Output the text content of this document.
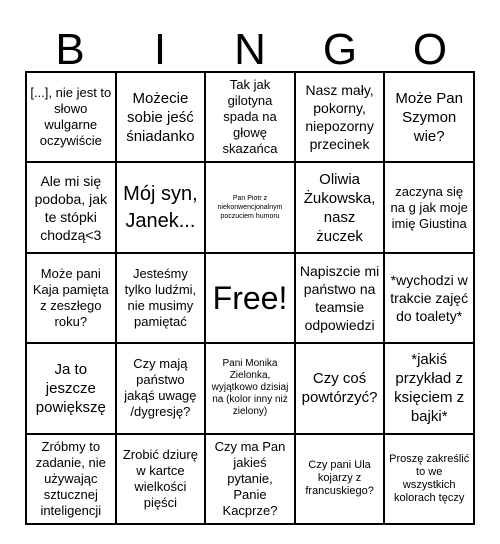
B	I	N	G	O
[...], nie jest to słowo wulgarne oczywiście
Możecie sobie jeść śniadanko
Tak jak gilotyna spada na głowę skazańca
Nasz mały, pokorny, niepozorny przecinek
Może Pan Szymon wie?
Ale mi się podoba, jak te stópki chodzą<3
Mój syn, Janek...
Pan Piotr z niekonwencjonalnym poczuciem humoru
Oliwia Żukowska, nasz żuczek
zaczyna się na g jak moje imię Giustina
Może pani Kaja pamięta z zeszłego roku?
Jesteśmy tylko ludźmi, nie musimy pamiętać
Free!
Napiszcie mi państwo na teamsie odpowiedzi
*wychodzi w trakcie zajęć do toalety*
Ja to jeszcze powiększę
Czy mają państwo jakąś uwagę /dygresję?
Pani Monika Zielonka, wyjątkowo dzisiaj na (kolor inny niż zielony)
Czy coś powtórzyć?
*jakiś przykład z księciem z bajki*
Zróbmy to zadanie, nie używając sztucznej inteligencji
Zrobić dziurę w kartce wielkości pięści
Czy ma Pan jakieś pytanie, Panie Kacprze?
Czy pani Ula kojarzy z francuskiego?
Proszę zakreślić to we wszystkich kolorach tęczy
